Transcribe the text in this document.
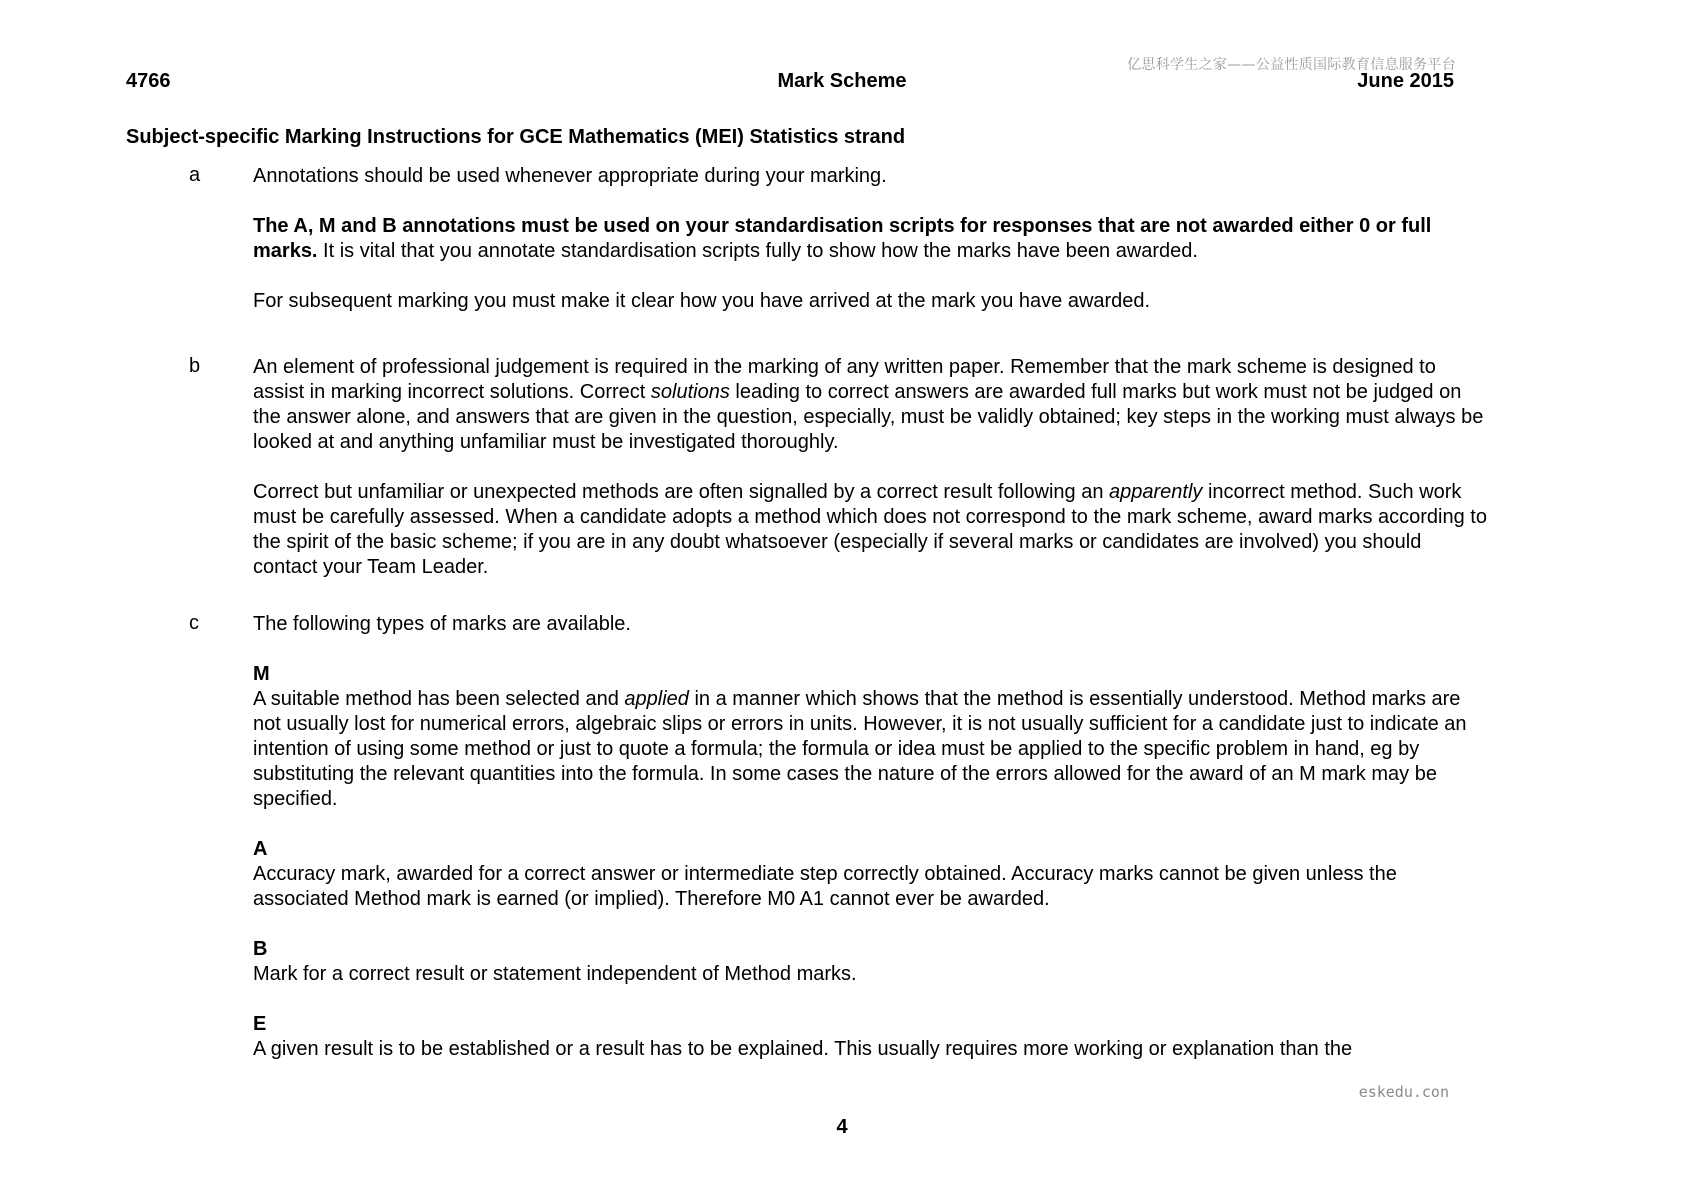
亿思科学生之家——公益性质国际教育信息服务平台
4766	Mark Scheme	June 2015
Subject-specific Marking Instructions for GCE Mathematics (MEI) Statistics strand
a	Annotations should be used whenever appropriate during your marking.

The A, M and B annotations must be used on your standardisation scripts for responses that are not awarded either 0 or full marks. It is vital that you annotate standardisation scripts fully to show how the marks have been awarded.

For subsequent marking you must make it clear how you have arrived at the mark you have awarded.

b	An element of professional judgement is required in the marking of any written paper. Remember that the mark scheme is designed to assist in marking incorrect solutions. Correct solutions leading to correct answers are awarded full marks but work must not be judged on the answer alone, and answers that are given in the question, especially, must be validly obtained; key steps in the working must always be looked at and anything unfamiliar must be investigated thoroughly.

Correct but unfamiliar or unexpected methods are often signalled by a correct result following an apparently incorrect method. Such work must be carefully assessed. When a candidate adopts a method which does not correspond to the mark scheme, award marks according to the spirit of the basic scheme; if you are in any doubt whatsoever (especially if several marks or candidates are involved) you should contact your Team Leader.

c	The following types of marks are available.

M

A suitable method has been selected and applied in a manner which shows that the method is essentially understood. Method marks are not usually lost for numerical errors, algebraic slips or errors in units. However, it is not usually sufficient for a candidate just to indicate an intention of using some method or just to quote a formula; the formula or idea must be applied to the specific problem in hand, eg by substituting the relevant quantities into the formula. In some cases the nature of the errors allowed for the award of an M mark may be specified.

A

Accuracy mark, awarded for a correct answer or intermediate step correctly obtained. Accuracy marks cannot be given unless the associated Method mark is earned (or implied). Therefore M0 A1 cannot ever be awarded.

B

Mark for a correct result or statement independent of Method marks.

E

A given result is to be established or a result has to be explained. This usually requires more working or explanation than the

eskedu.con
4
